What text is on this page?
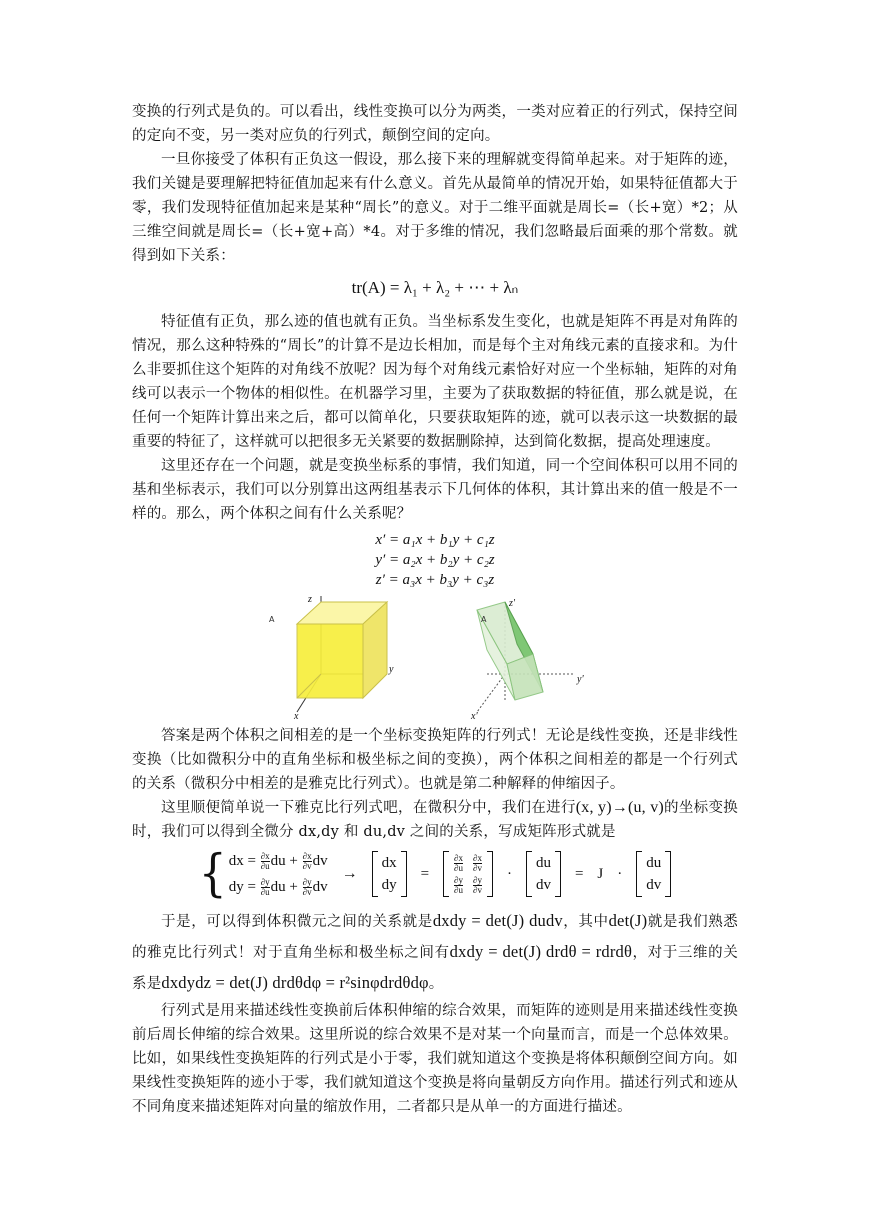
变换的行列式是负的。可以看出，线性变换可以分为两类，一类对应着正的行列式，保持空间的定向不变，另一类对应负的行列式，颠倒空间的定向。

一旦你接受了体积有正负这一假设，那么接下来的理解就变得简单起来。对于矩阵的迹，我们关键是要理解把特征值加起来有什么意义。首先从最简单的情况开始，如果特征值都大于零，我们发现特征值加起来是某种“周长”的意义。对于二维平面就是周长=（长+宽）*2；从三维空间就是周长=（长+宽+高）*4。对于多维的情况，我们忽略最后面乘的那个常数。就得到如下关系：

tr(A) = λ₁ + λ₂ + ⋯ + λₙ

特征值有正负，那么迹的值也就有正负。当坐标系发生变化，也就是矩阵不再是对角阵的情况，那么这种特殊的“周长”的计算不是边长相加，而是每个主对角线元素的直接求和。为什么非要抓住这个矩阵的对角线不放呢？因为每个对角线元素恰好对应一个坐标轴，矩阵的对角线可以表示一个物体的相似性。在机器学习里，主要为了获取数据的特征值，那么就是说，在任何一个矩阵计算出来之后，都可以简单化，只要获取矩阵的迹，就可以表示这一块数据的最重要的特征了，这样就可以把很多无关紧要的数据删除掉，达到简化数据，提高处理速度。

这里还存在一个问题，就是变换坐标系的事情，我们知道，同一个空间体积可以用不同的基和坐标表示，我们可以分别算出这两组基表示下几何体的体积，其计算出来的值一般是不一样的。那么，两个体积之间有什么关系呢？

x′ = a₁x + b₁y + c₁z
y′ = a₂x + b₂y + c₂z
z′ = a₃x + b₃y + c₃z
A
z
y
x
A
z'
y'
x'

答案是两个体积之间相差的是一个坐标变换矩阵的行列式！无论是线性变换，还是非线性变换（比如微积分中的直角坐标和极坐标之间的变换），两个体积之间相差的都是一个行列式的关系（微积分中相差的是雅克比行列式）。也就是第二种解释的伸缩因子。

这里顺便简单说一下雅克比行列式吧，在微积分中，我们在进行(x, y)→(u, v)的坐标变换时，我们可以得到全微分 dx,dy 和 du,dv 之间的关系，写成矩阵形式就是

{ dx = $\frac{\partial x}{\partial u}$ du + $\frac{\partial x}{\partial v}$ dv
dy = $\frac{\partial y}{\partial u}$ du + $\frac{\partial y}{\partial v}$ dv
→
dx
dy
=
$\frac{\partial x}{\partial u} \frac{\partial x}{\partial v}$
$\frac{\partial y}{\partial u} \frac{\partial y}{\partial v}$
·
du
dv
= J ·
du
dv

于是，可以得到体积微元之间的关系就是dxdy = det(J) dudv，其中det(J)就是我们熟悉的雅克比行列式！对于直角坐标和极坐标之间有dxdy = det(J) drdθ = rdrdθ，对于三维的关系是dxdydz = det(J) drdθdφ = r²sinφdrdθdφ。

行列式是用来描述线性变换前后体积伸缩的综合效果，而矩阵的迹则是用来描述线性变换前后周长伸缩的综合效果。这里所说的综合效果不是对某一个向量而言，而是一个总体效果。比如，如果线性变换矩阵的行列式是小于零，我们就知道这个变换是将体积颠倒空间方向。如果线性变换矩阵的迹小于零，我们就知道这个变换是将向量朝反方向作用。描述行列式和迹从不同角度来描述矩阵对向量的缩放作用，二者都只是从单一的方面进行描述。
